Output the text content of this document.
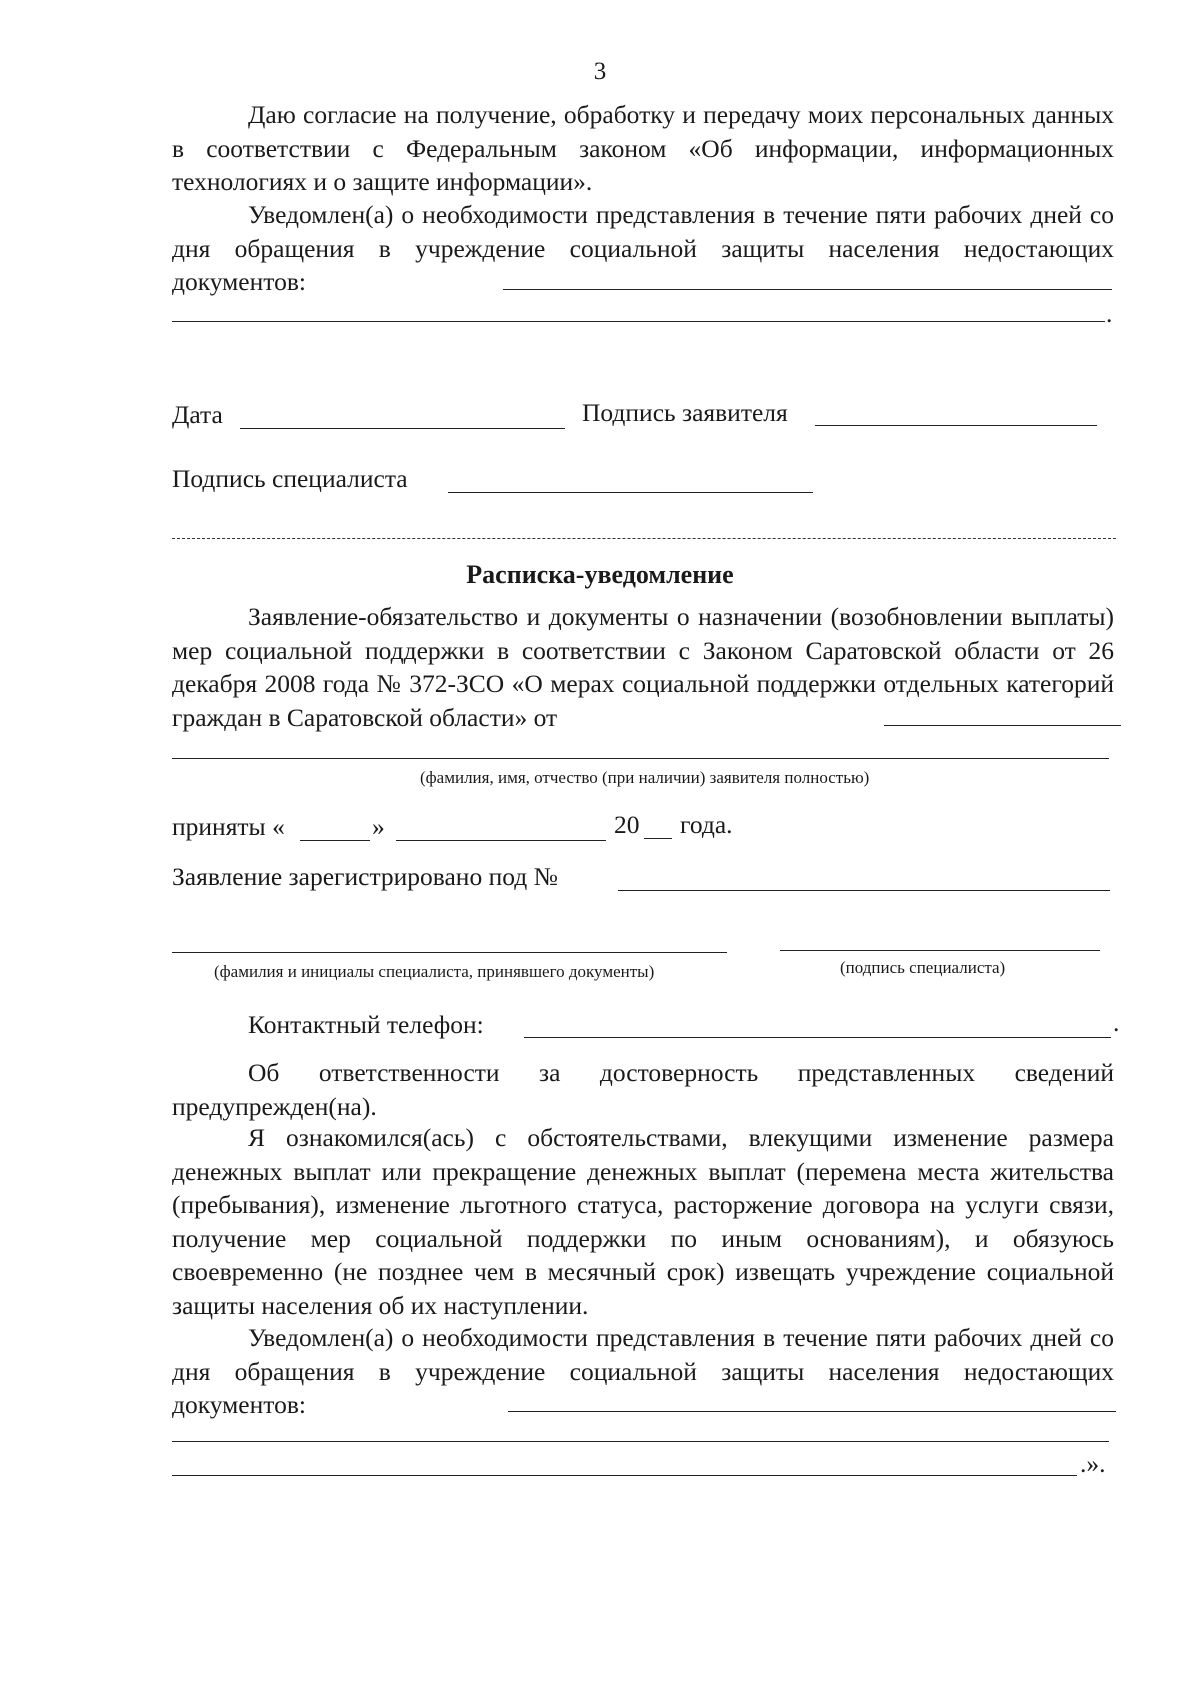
3

Даю согласие на получение, обработку и передачу моих персональных данных в соответствии с Федеральным законом «Об информации, информационных технологиях и о защите информации».

Уведомлен(а) о необходимости представления в течение пяти рабочих дней со дня обращения в учреждение социальной защиты населения недостающих документов:

.
Дата	Подпись заявителя
Подпись специалиста
Расписка-уведомление

Заявление-обязательство и документы о назначении (возобновлении выплаты) мер социальной поддержки в соответствии с Законом Саратовской области от 26 декабря 2008 года № 372-ЗСО «О мерах социальной поддержки отдельных категорий граждан в Саратовской области» от

(фамилия, имя, отчество (при наличии) заявителя полностью)
приняты «	»	20 года.
Заявление зарегистрировано под №
(фамилия и инициалы специалиста, принявшего документы)	(подпись специалиста)
Контактный телефон:	.

Об ответственности за достоверность представленных сведений предупрежден(на).

Я ознакомился(ась) с обстоятельствами, влекущими изменение размера денежных выплат или прекращение денежных выплат (перемена места жительства (пребывания), изменение льготного статуса, расторжение договора на услуги связи, получение мер социальной поддержки по иным основаниям), и обязуюсь своевременно (не позднее чем в месячный срок) извещать учреждение социальной защиты населения об их наступлении.

Уведомлен(а) о необходимости представления в течение пяти рабочих дней со дня обращения в учреждение социальной защиты населения недостающих документов:

.».
